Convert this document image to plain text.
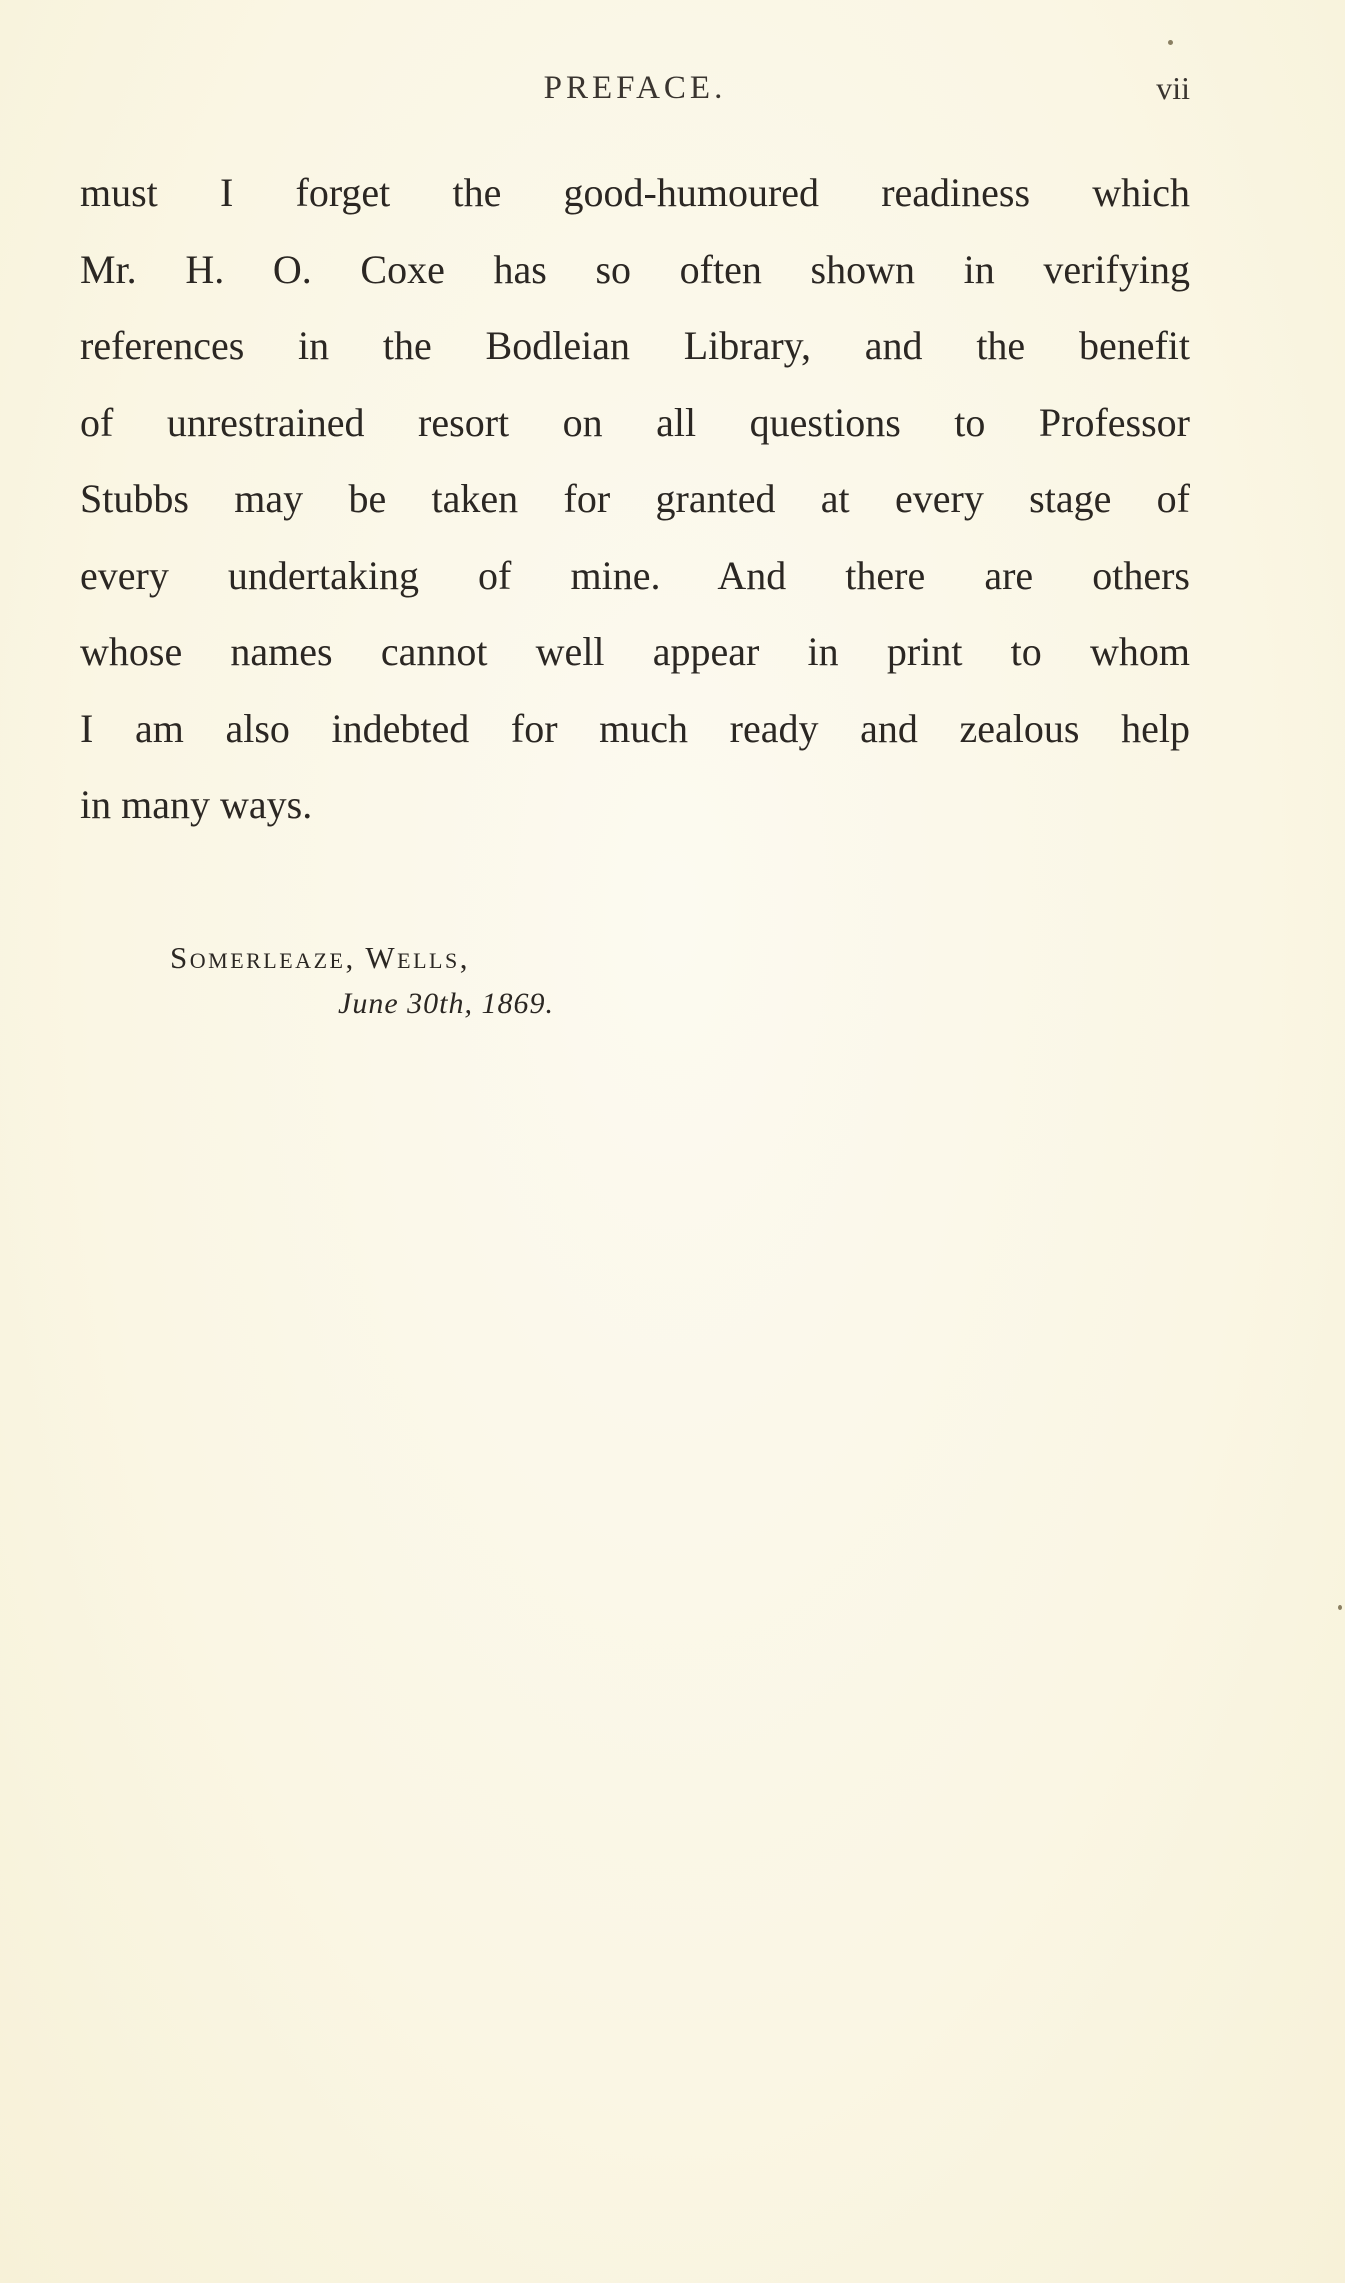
PREFACE.	vii
must I forget the good-humoured readiness which
Mr. H. O. Coxe has so often shown in verifying
references in the Bodleian Library, and the benefit
of unrestrained resort on all questions to Professor
Stubbs may be taken for granted at every stage of
every undertaking of mine. And there are others
whose names cannot well appear in print to whom
I am also indebted for much ready and zealous help
in many ways.
Somerleaze, Wells,
June 30th, 1869.
